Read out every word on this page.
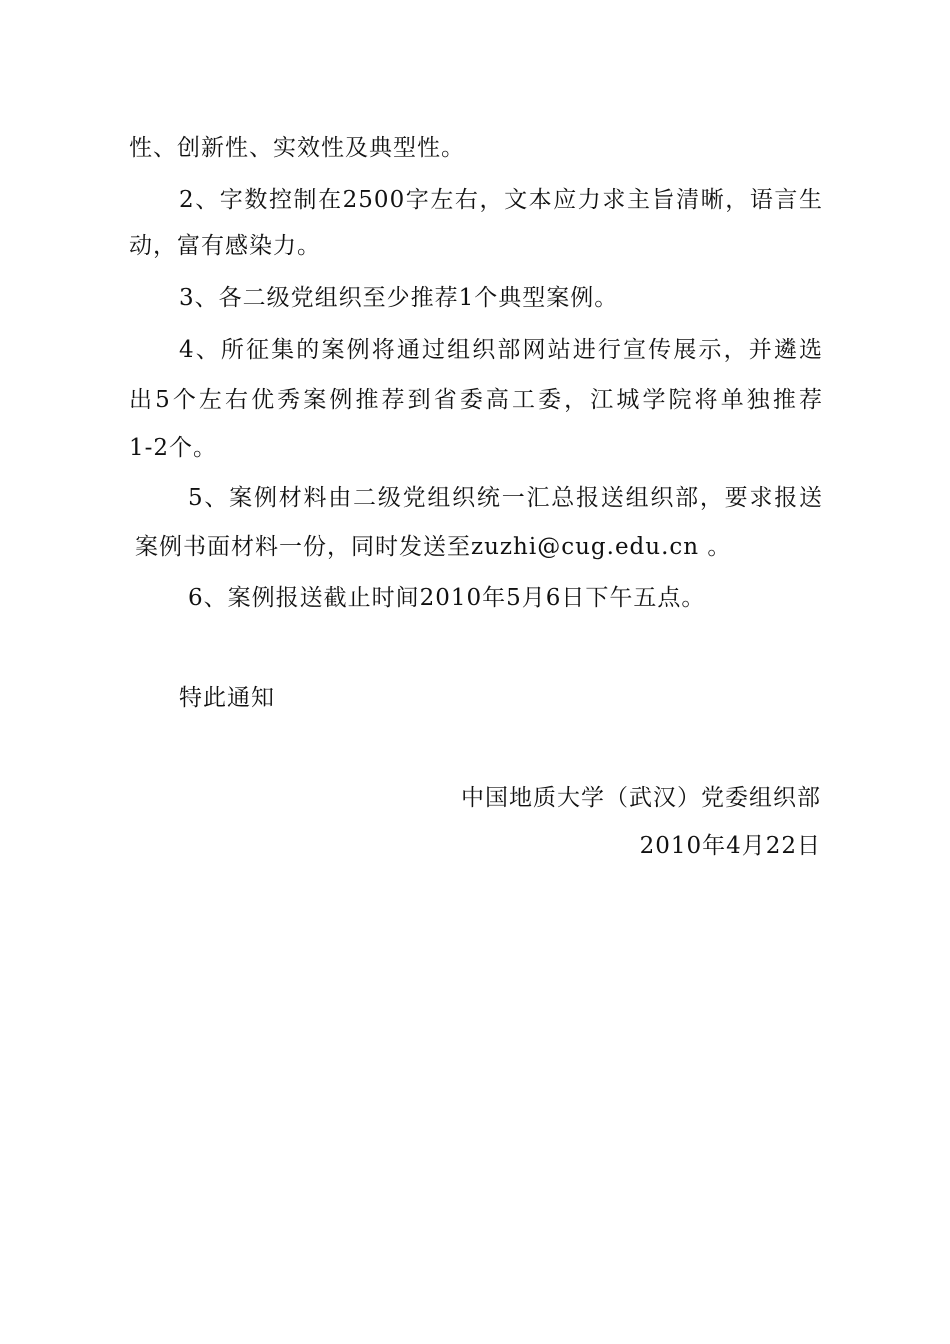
性、创新性、实效性及典型性。
2、字数控制在2500字左右，文本应力求主旨清晰，语言生
动，富有感染力。
3、各二级党组织至少推荐1个典型案例。
4、所征集的案例将通过组织部网站进行宣传展示，并遴选
出5个左右优秀案例推荐到省委高工委，江城学院将单独推荐
1-2个。
5、案例材料由二级党组织统一汇总报送组织部，要求报送
案例书面材料一份，同时发送至zuzhi@cug.edu.cn 。
6、案例报送截止时间2010年5月6日下午五点。
特此通知
中国地质大学（武汉）党委组织部
2010年4月22日
